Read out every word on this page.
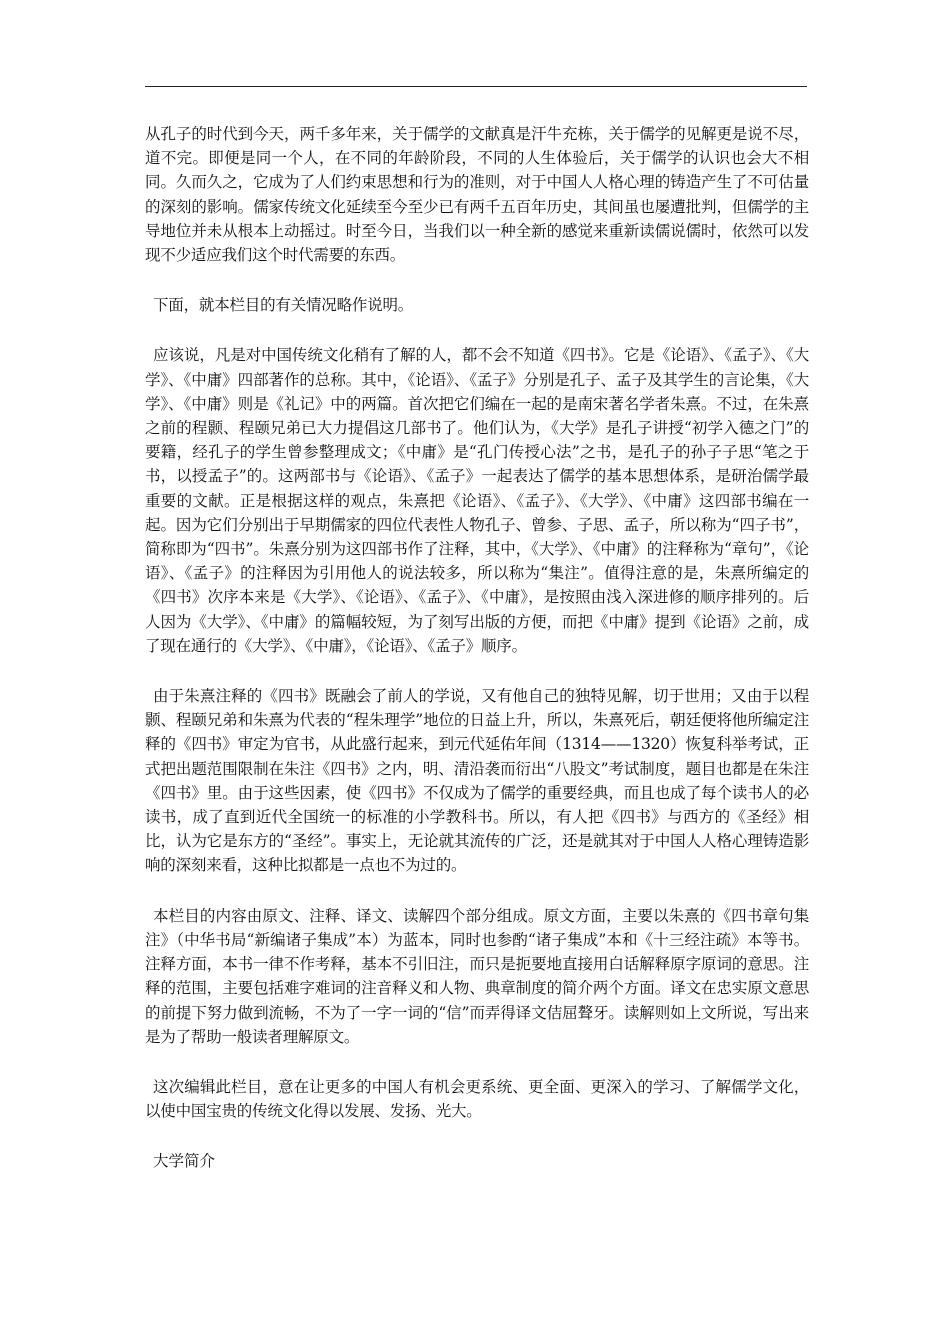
从孔子的时代到今天，两千多年来，关于儒学的文献真是汗牛充栋，关于儒学的见解更是说不尽，道不完。即便是同一个人，在不同的年龄阶段，不同的人生体验后，关于儒学的认识也会大不相同。久而久之，它成为了人们约束思想和行为的准则，对于中国人人格心理的铸造产生了不可估量的深刻的影响。儒家传统文化延续至今至少已有两千五百年历史，其间虽也屡遭批判，但儒学的主导地位并未从根本上动摇过。时至今日，当我们以一种全新的感觉来重新读儒说儒时，依然可以发现不少适应我们这个时代需要的东西。

下面，就本栏目的有关情况略作说明。

应该说，凡是对中国传统文化稍有了解的人，都不会不知道《四书》。它是《论语》、《孟子》、《大学》、《中庸》四部著作的总称。其中，《论语》、《孟子》分别是孔子、孟子及其学生的言论集，《大学》、《中庸》则是《礼记》中的两篇。首次把它们编在一起的是南宋著名学者朱熹。不过，在朱熹之前的程颢、程颐兄弟已大力提倡这几部书了。他们认为，《大学》是孔子讲授“初学入德之门”的要籍，经孔子的学生曾参整理成文；《中庸》是“孔门传授心法”之书，是孔子的孙子子思“笔之于书，以授孟子”的。这两部书与《论语》、《孟子》一起表达了儒学的基本思想体系，是研治儒学最重要的文献。正是根据这样的观点，朱熹把《论语》、《孟子》、《大学》、《中庸》这四部书编在一起。因为它们分别出于早期儒家的四位代表性人物孔子、曾参、子思、孟子，所以称为“四子书”，简称即为“四书”。朱熹分别为这四部书作了注释，其中，《大学》、《中庸》的注释称为“章句”，《论语》、《孟子》的注释因为引用他人的说法较多，所以称为“集注”。值得注意的是，朱熹所编定的《四书》次序本来是《大学》、《论语》、《孟子》、《中庸》，是按照由浅入深进修的顺序排列的。后人因为《大学》、《中庸》的篇幅较短，为了刻写出版的方便，而把《中庸》提到《论语》之前，成了现在通行的《大学》、《中庸》，《论语》、《孟子》顺序。

由于朱熹注释的《四书》既融会了前人的学说，又有他自己的独特见解，切于世用；又由于以程颢、程颐兄弟和朱熹为代表的“程朱理学”地位的日益上升，所以，朱熹死后，朝廷便将他所编定注释的《四书》审定为官书，从此盛行起来，到元代延佑年间（1314——1320）恢复科举考试，正式把出题范围限制在朱注《四书》之内，明、清沿袭而衍出“八股文”考试制度，题目也都是在朱注《四书》里。由于这些因素，使《四书》不仅成为了儒学的重要经典，而且也成了每个读书人的必读书，成了直到近代全国统一的标准的小学教科书。所以，有人把《四书》与西方的《圣经》相比，认为它是东方的“圣经”。事实上，无论就其流传的广泛，还是就其对于中国人人格心理铸造影响的深刻来看，这种比拟都是一点也不为过的。

本栏目的内容由原文、注释、译文、读解四个部分组成。原文方面，主要以朱熹的《四书章句集注》（中华书局“新编诸子集成”本）为蓝本，同时也参酌“诸子集成”本和《十三经注疏》本等书。注释方面，本书一律不作考释，基本不引旧注，而只是扼要地直接用白话解释原字原词的意思。注释的范围，主要包括难字难词的注音释义和人物、典章制度的简介两个方面。译文在忠实原文意思的前提下努力做到流畅，不为了一字一词的“信”而弄得译文佶屈聱牙。读解则如上文所说，写出来是为了帮助一般读者理解原文。

这次编辑此栏目，意在让更多的中国人有机会更系统、更全面、更深入的学习、了解儒学文化，以使中国宝贵的传统文化得以发展、发扬、光大。

大学简介
